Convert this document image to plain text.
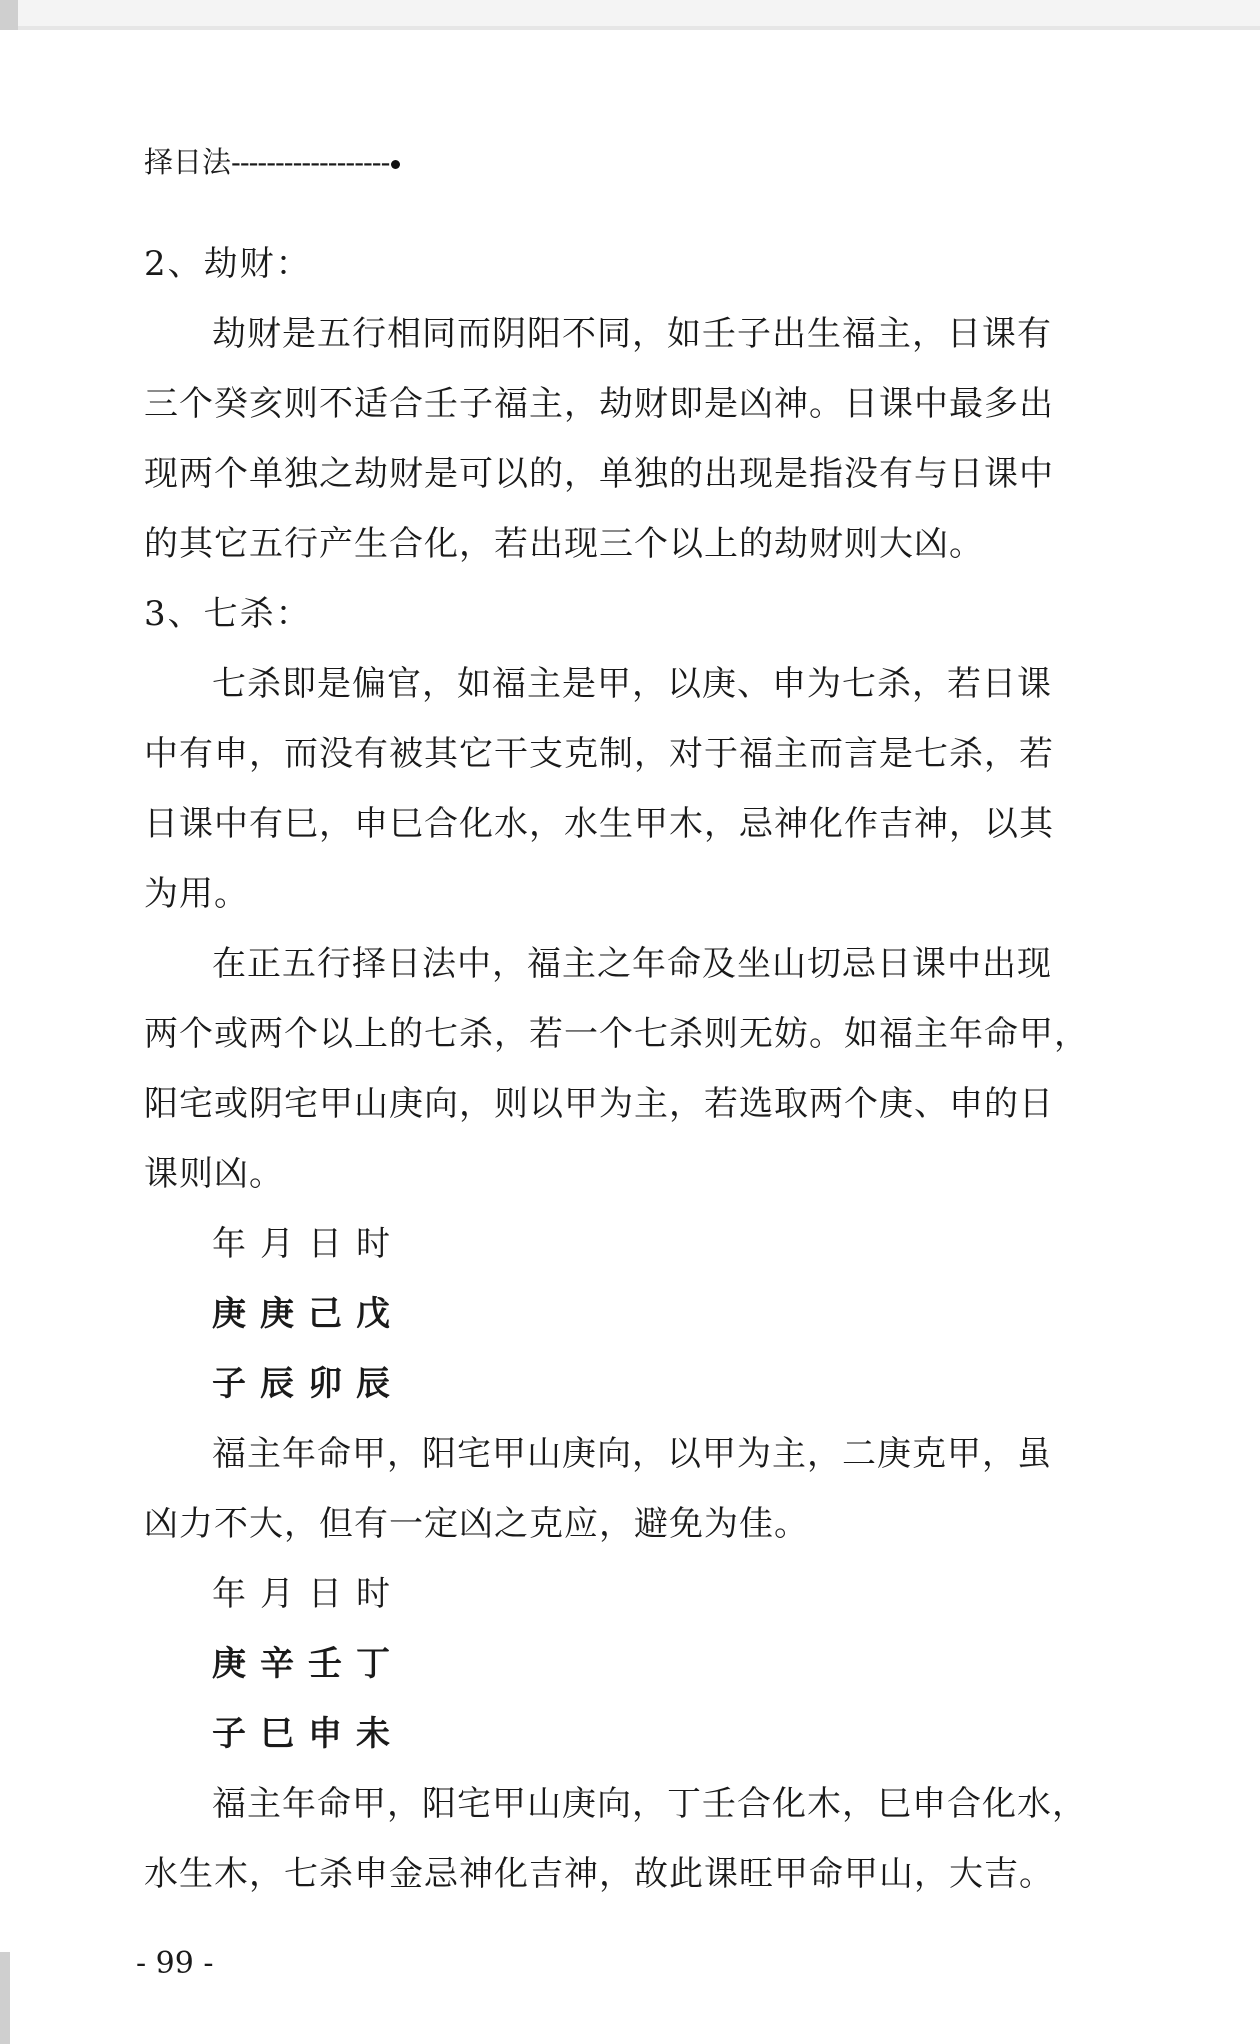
择日法------------------
2、劫财：
劫财是五行相同而阴阳不同，如壬子出生福主，日课有
三个癸亥则不适合壬子福主，劫财即是凶神。日课中最多出
现两个单独之劫财是可以的，单独的出现是指没有与日课中
的其它五行产生合化，若出现三个以上的劫财则大凶。
3、七杀：
七杀即是偏官，如福主是甲，以庚、申为七杀，若日课
中有申，而没有被其它干支克制，对于福主而言是七杀，若
日课中有巳，申巳合化水，水生甲木，忌神化作吉神，以其
为用。
在正五行择日法中，福主之年命及坐山切忌日课中出现
两个或两个以上的七杀，若一个七杀则无妨。如福主年命甲，
阳宅或阴宅甲山庚向，则以甲为主，若选取两个庚、申的日
课则凶。
年月日时
庚庚己戊
子辰卯辰
福主年命甲，阳宅甲山庚向，以甲为主，二庚克甲，虽
凶力不大，但有一定凶之克应，避免为佳。
年月日时
庚辛壬丁
子巳申未
福主年命甲，阳宅甲山庚向，丁壬合化木，巳申合化水，
水生木，七杀申金忌神化吉神，故此课旺甲命甲山，大吉。
- 99 -
